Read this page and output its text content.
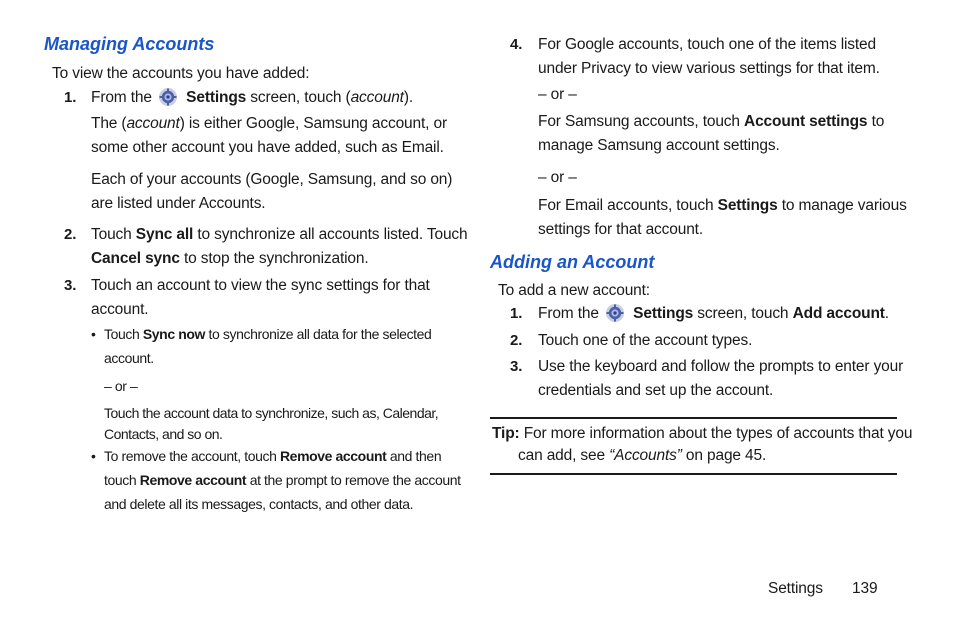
Managing Accounts
To view the accounts you have added:
1. From the Settings screen, touch (account).
The (account) is either Google, Samsung account, or
some other account you have added, such as Email.
Each of your accounts (Google, Samsung, and so on)
are listed under Accounts.
2. Touch Sync all to synchronize all accounts listed. Touch
Cancel sync to stop the synchronization.
3. Touch an account to view the sync settings for that
account.
• Touch Sync now to synchronize all data for the selected
account.
– or –
Touch the account data to synchronize, such as, Calendar,
Contacts, and so on.
• To remove the account, touch Remove account and then
touch Remove account at the prompt to remove the account
and delete all its messages, contacts, and other data.
4. For Google accounts, touch one of the items listed
under Privacy to view various settings for that item.
– or –
For Samsung accounts, touch Account settings to
manage Samsung account settings.
– or –
For Email accounts, touch Settings to manage various
settings for that account.
Adding an Account
To add a new account:
1. From the Settings screen, touch Add account.
2. Touch one of the account types.
3. Use the keyboard and follow the prompts to enter your
credentials and set up the account.
Tip: For more information about the types of accounts that you
can add, see “Accounts” on page 45.
Settings 139
